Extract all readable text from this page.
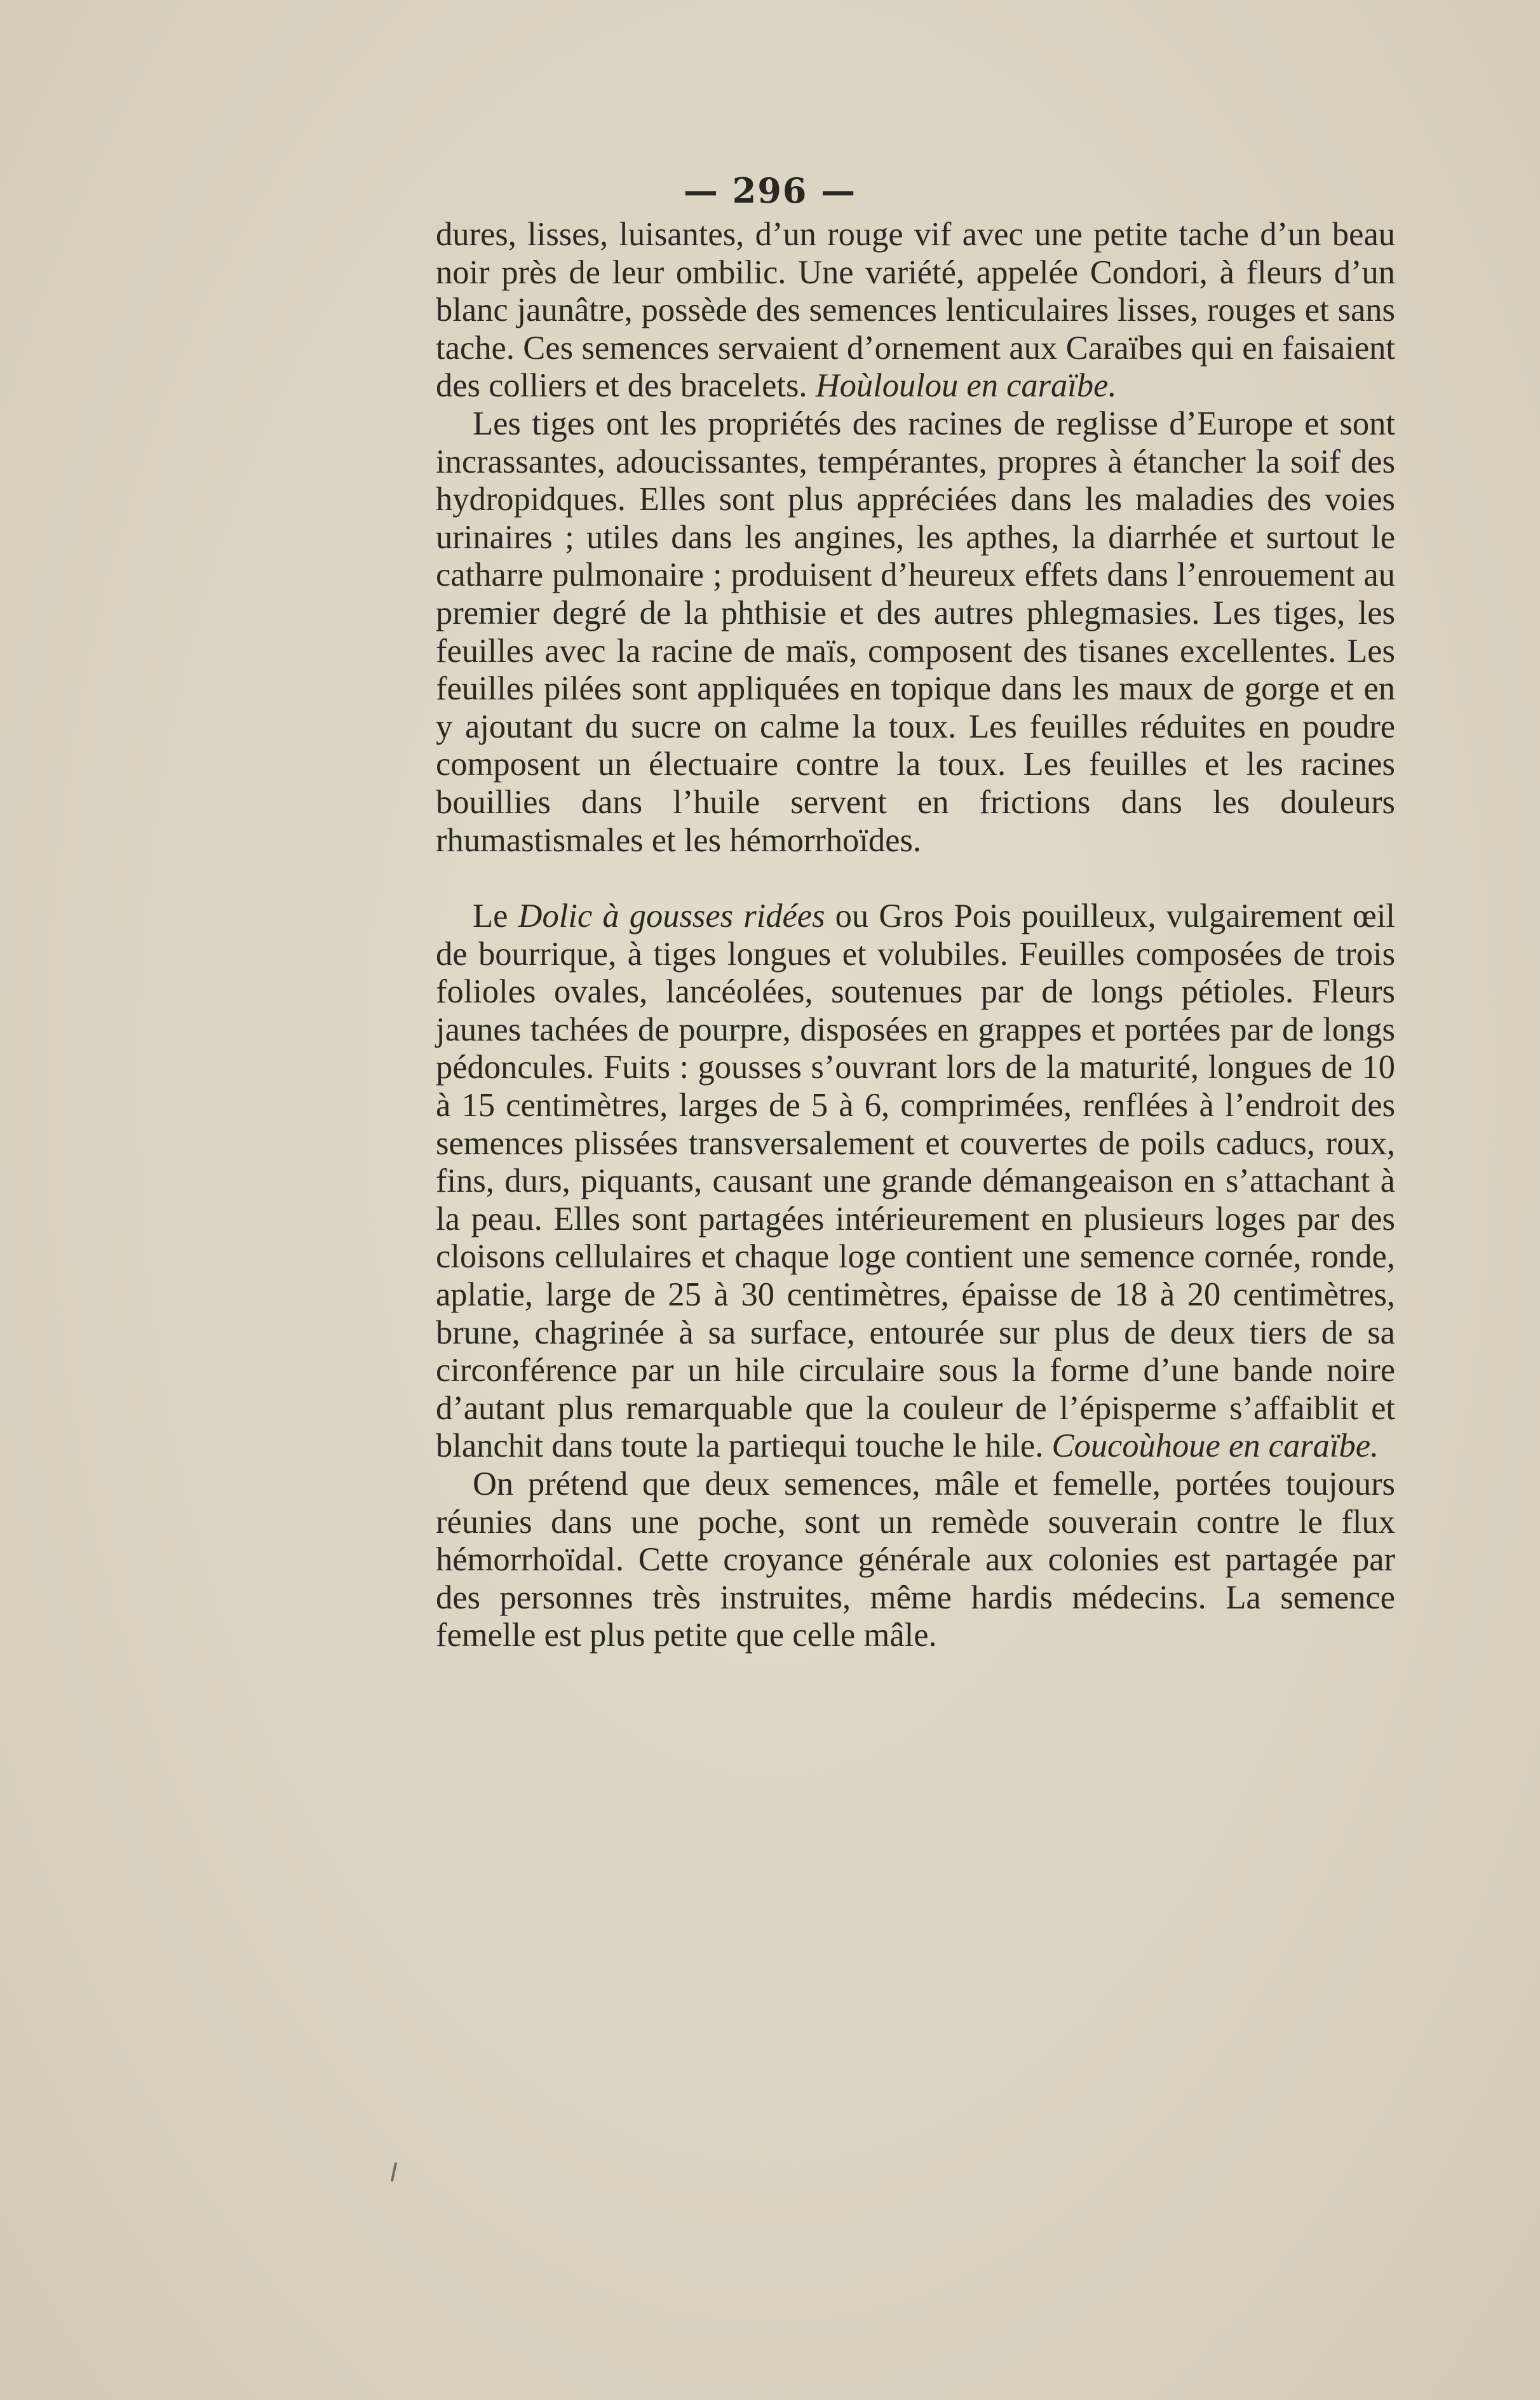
— 296 —

dures, lisses, luisantes, d’un rouge vif avec une petite tache d’un beau noir près de leur ombilic. Une variété, appelée Condori, à fleurs d’un blanc jaunâtre, possède des semences lenticulaires lisses, rouges et sans tache. Ces semences servaient d’ornement aux Caraïbes qui en faisaient des colliers et des bracelets. Hoùloulou en caraïbe.

Les tiges ont les propriétés des racines de reglisse d’Europe et sont incrassantes, adoucissantes, tempérantes, propres à étancher la soif des hydropidques. Elles sont plus appréciées dans les maladies des voies urinaires ; utiles dans les angines, les apthes, la diarrhée et surtout le catharre pulmonaire ; produisent d’heureux effets dans l’enrouement au premier degré de la phthisie et des autres phlegmasies. Les tiges, les feuilles avec la racine de maïs, composent des tisanes excellentes. Les feuilles pilées sont appliquées en topique dans les maux de gorge et en y ajoutant du sucre on calme la toux. Les feuilles réduites en poudre composent un électuaire contre la toux. Les feuilles et les racines bouillies dans l’huile servent en frictions dans les douleurs rhumastismales et les hémorrhoïdes.

Le Dolic à gousses ridées ou Gros Pois pouilleux, vulgairement œil de bourrique, à tiges longues et volubiles. Feuilles composées de trois folioles ovales, lancéolées, soutenues par de longs pétioles. Fleurs jaunes tachées de pourpre, disposées en grappes et portées par de longs pédoncules. Fuits : gousses s’ouvrant lors de la maturité, longues de 10 à 15 centimètres, larges de 5 à 6, comprimées, renflées à l’endroit des semences plissées transversalement et couvertes de poils caducs, roux, fins, durs, piquants, causant une grande démangeaison en s’attachant à la peau. Elles sont partagées intérieurement en plusieurs loges par des cloisons cellulaires et chaque loge contient une semence cornée, ronde, aplatie, large de 25 à 30 centimètres, épaisse de 18 à 20 centimètres, brune, chagrinée à sa surface, entourée sur plus de deux tiers de sa circonférence par un hile circulaire sous la forme d’une bande noire d’autant plus remarquable que la couleur de l’épisperme s’affaiblit et blanchit dans toute la partiequi touche le hile. Coucoùhoue en caraïbe.

On prétend que deux semences, mâle et femelle, portées toujours réunies dans une poche, sont un remède souverain contre le flux hémorrhoïdal. Cette croyance générale aux colonies est partagée par des personnes très instruites, même hardis médecins. La semence femelle est plus petite que celle mâle.
